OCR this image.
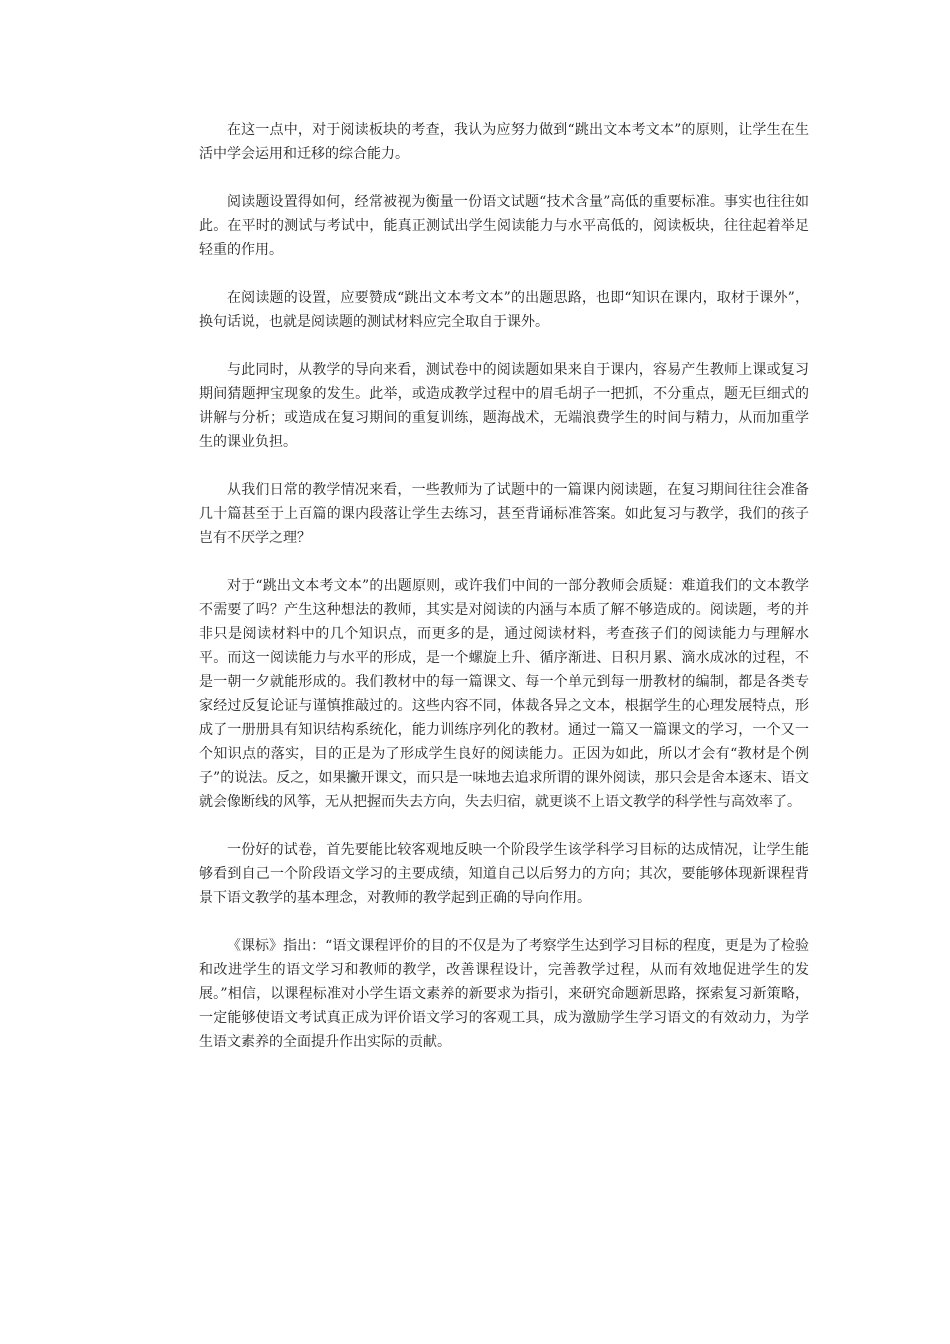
在这一点中，对于阅读板块的考查，我认为应努力做到“跳出文本考文本”的原则，让学生在生活中学会运用和迁移的综合能力。

阅读题设置得如何，经常被视为衡量一份语文试题“技术含量”高低的重要标准。事实也往往如此。在平时的测试与考试中，能真正测试出学生阅读能力与水平高低的，阅读板块，往往起着举足轻重的作用。

在阅读题的设置，应要赞成“跳出文本考文本”的出题思路，也即“知识在课内，取材于课外”，换句话说，也就是阅读题的测试材料应完全取自于课外。

与此同时，从教学的导向来看，测试卷中的阅读题如果来自于课内，容易产生教师上课或复习期间猜题押宝现象的发生。此举，或造成教学过程中的眉毛胡子一把抓，不分重点，题无巨细式的讲解与分析；或造成在复习期间的重复训练，题海战术，无端浪费学生的时间与精力，从而加重学生的课业负担。

从我们日常的教学情况来看，一些教师为了试题中的一篇课内阅读题，在复习期间往往会准备几十篇甚至于上百篇的课内段落让学生去练习，甚至背诵标准答案。如此复习与教学，我们的孩子岂有不厌学之理？

对于“跳出文本考文本”的出题原则，或许我们中间的一部分教师会质疑：难道我们的文本教学不需要了吗？产生这种想法的教师，其实是对阅读的内涵与本质了解不够造成的。阅读题，考的并非只是阅读材料中的几个知识点，而更多的是，通过阅读材料，考查孩子们的阅读能力与理解水平。而这一阅读能力与水平的形成，是一个螺旋上升、循序渐进、日积月累、滴水成冰的过程，不是一朝一夕就能形成的。我们教材中的每一篇课文、每一个单元到每一册教材的编制，都是各类专家经过反复论证与谨慎推敲过的。这些内容不同，体裁各异之文本，根据学生的心理发展特点，形成了一册册具有知识结构系统化，能力训练序列化的教材。通过一篇又一篇课文的学习，一个又一个知识点的落实，目的正是为了形成学生良好的阅读能力。正因为如此，所以才会有“教材是个例子”的说法。反之，如果撇开课文，而只是一味地去追求所谓的课外阅读，那只会是舍本逐末、语文就会像断线的风筝，无从把握而失去方向，失去归宿，就更谈不上语文教学的科学性与高效率了。

一份好的试卷，首先要能比较客观地反映一个阶段学生该学科学习目标的达成情况，让学生能够看到自己一个阶段语文学习的主要成绩，知道自己以后努力的方向；其次，要能够体现新课程背景下语文教学的基本理念，对教师的教学起到正确的导向作用。

《课标》指出：“语文课程评价的目的不仅是为了考察学生达到学习目标的程度，更是为了检验和改进学生的语文学习和教师的教学，改善课程设计，完善教学过程，从而有效地促进学生的发展。”相信，以课程标准对小学生语文素养的新要求为指引，来研究命题新思路，探索复习新策略，一定能够使语文考试真正成为评价语文学习的客观工具，成为激励学生学习语文的有效动力，为学生语文素养的全面提升作出实际的贡献。
